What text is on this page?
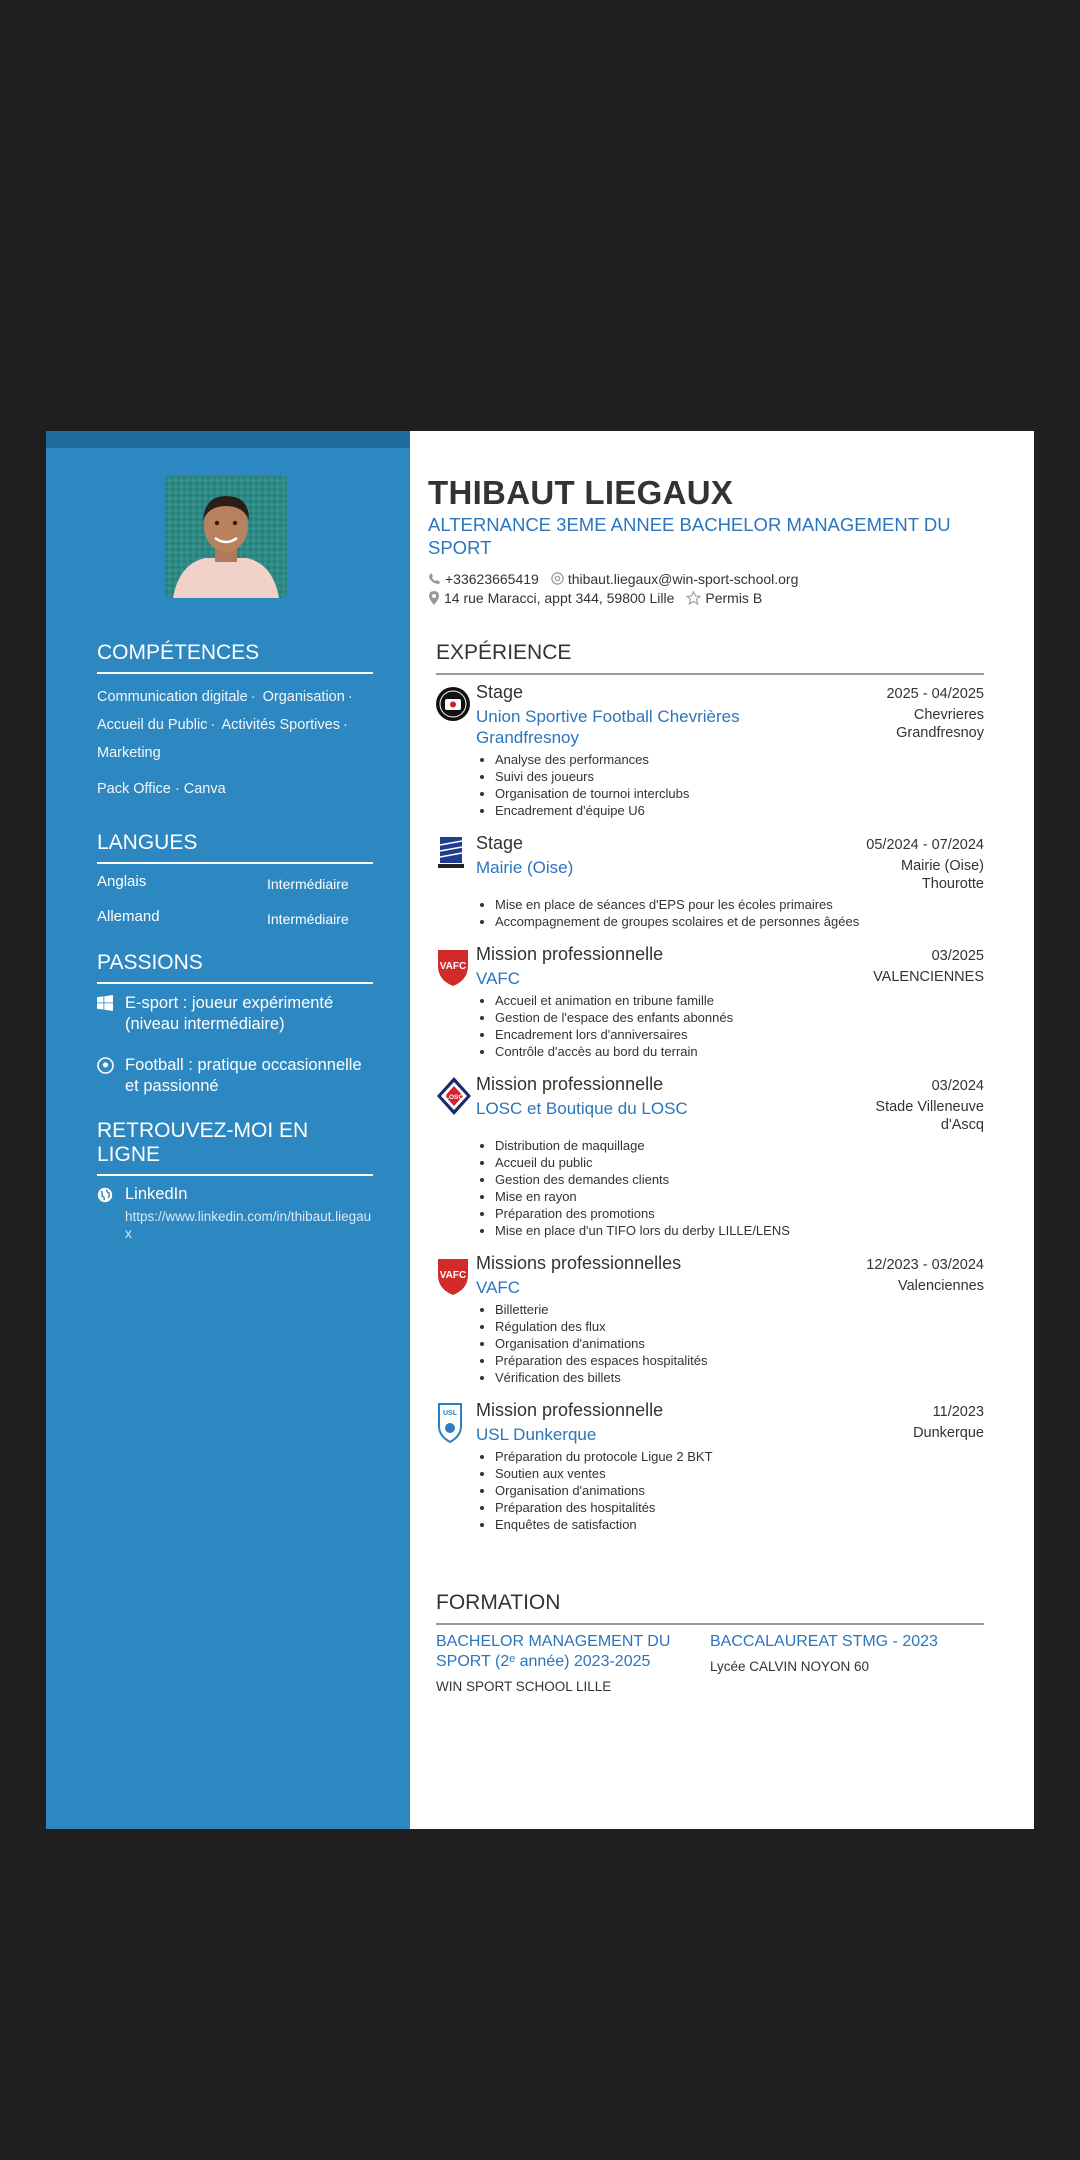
COMPÉTENCES
Communication digitale · Organisation ·
Accueil du Public · Activités Sportives ·
Marketing
Pack Office · Canva
LANGUES
Anglais	Intermédiaire
Allemand	Intermédiaire
PASSIONS
E-sport : joueur expérimenté (niveau intermédiaire)
Football : pratique occasionnelle et passionné
RETROUVEZ-MOI EN LIGNE
LinkedIn
https://www.linkedin.com/in/thibaut.liegaux
THIBAUT LIEGAUX
ALTERNANCE 3EME ANNEE BACHELOR MANAGEMENT DU SPORT
+33623665419 thibaut.liegaux@win-sport-school.org
14 rue Maracci, appt 344, 59800 Lille Permis B
EXPÉRIENCE
Stage	2025 - 04/2025
Union Sportive Football Chevrières Grandfresnoy
Chevrieres Grandfresnoy
• Analyse des performances
• Suivi des joueurs
• Organisation de tournoi interclubs
• Encadrement d'équipe U6
Stage	05/2024 - 07/2024
Mairie (Oise)	Mairie (Oise) Thourotte
• Mise en place de séances d'EPS pour les écoles primaires
• Accompagnement de groupes scolaires et de personnes âgées
VAFC
Mission professionnelle	03/2025
VAFC	VALENCIENNES
• Accueil et animation en tribune famille
• Gestion de l'espace des enfants abonnés
• Encadrement lors d'anniversaires
• Contrôle d'accès au bord du terrain
LOSC
Mission professionnelle	03/2024
LOSC et Boutique du LOSC	Stade Villeneuve d'Ascq
• Distribution de maquillage
• Accueil du public
• Gestion des demandes clients
• Mise en rayon
• Préparation des promotions
• Mise en place d'un TIFO lors du derby LILLE/LENS
VAFC
Missions professionnelles	12/2023 - 03/2024
VAFC	Valenciennes
• Billetterie
• Régulation des flux
• Organisation d'animations
• Préparation des espaces hospitalités
• Vérification des billets
USL Mission professionnelle	11/2023
USL Dunkerque	Dunkerque
• Préparation du protocole Ligue 2 BKT
• Soutien aux ventes
• Organisation d'animations
• Préparation des hospitalités
• Enquêtes de satisfaction
FORMATION
BACHELOR MANAGEMENT DU SPORT (2ᵉ année) 2023-2025
WIN SPORT SCHOOL LILLE
BACCALAUREAT STMG - 2023
Lycée CALVIN NOYON 60
